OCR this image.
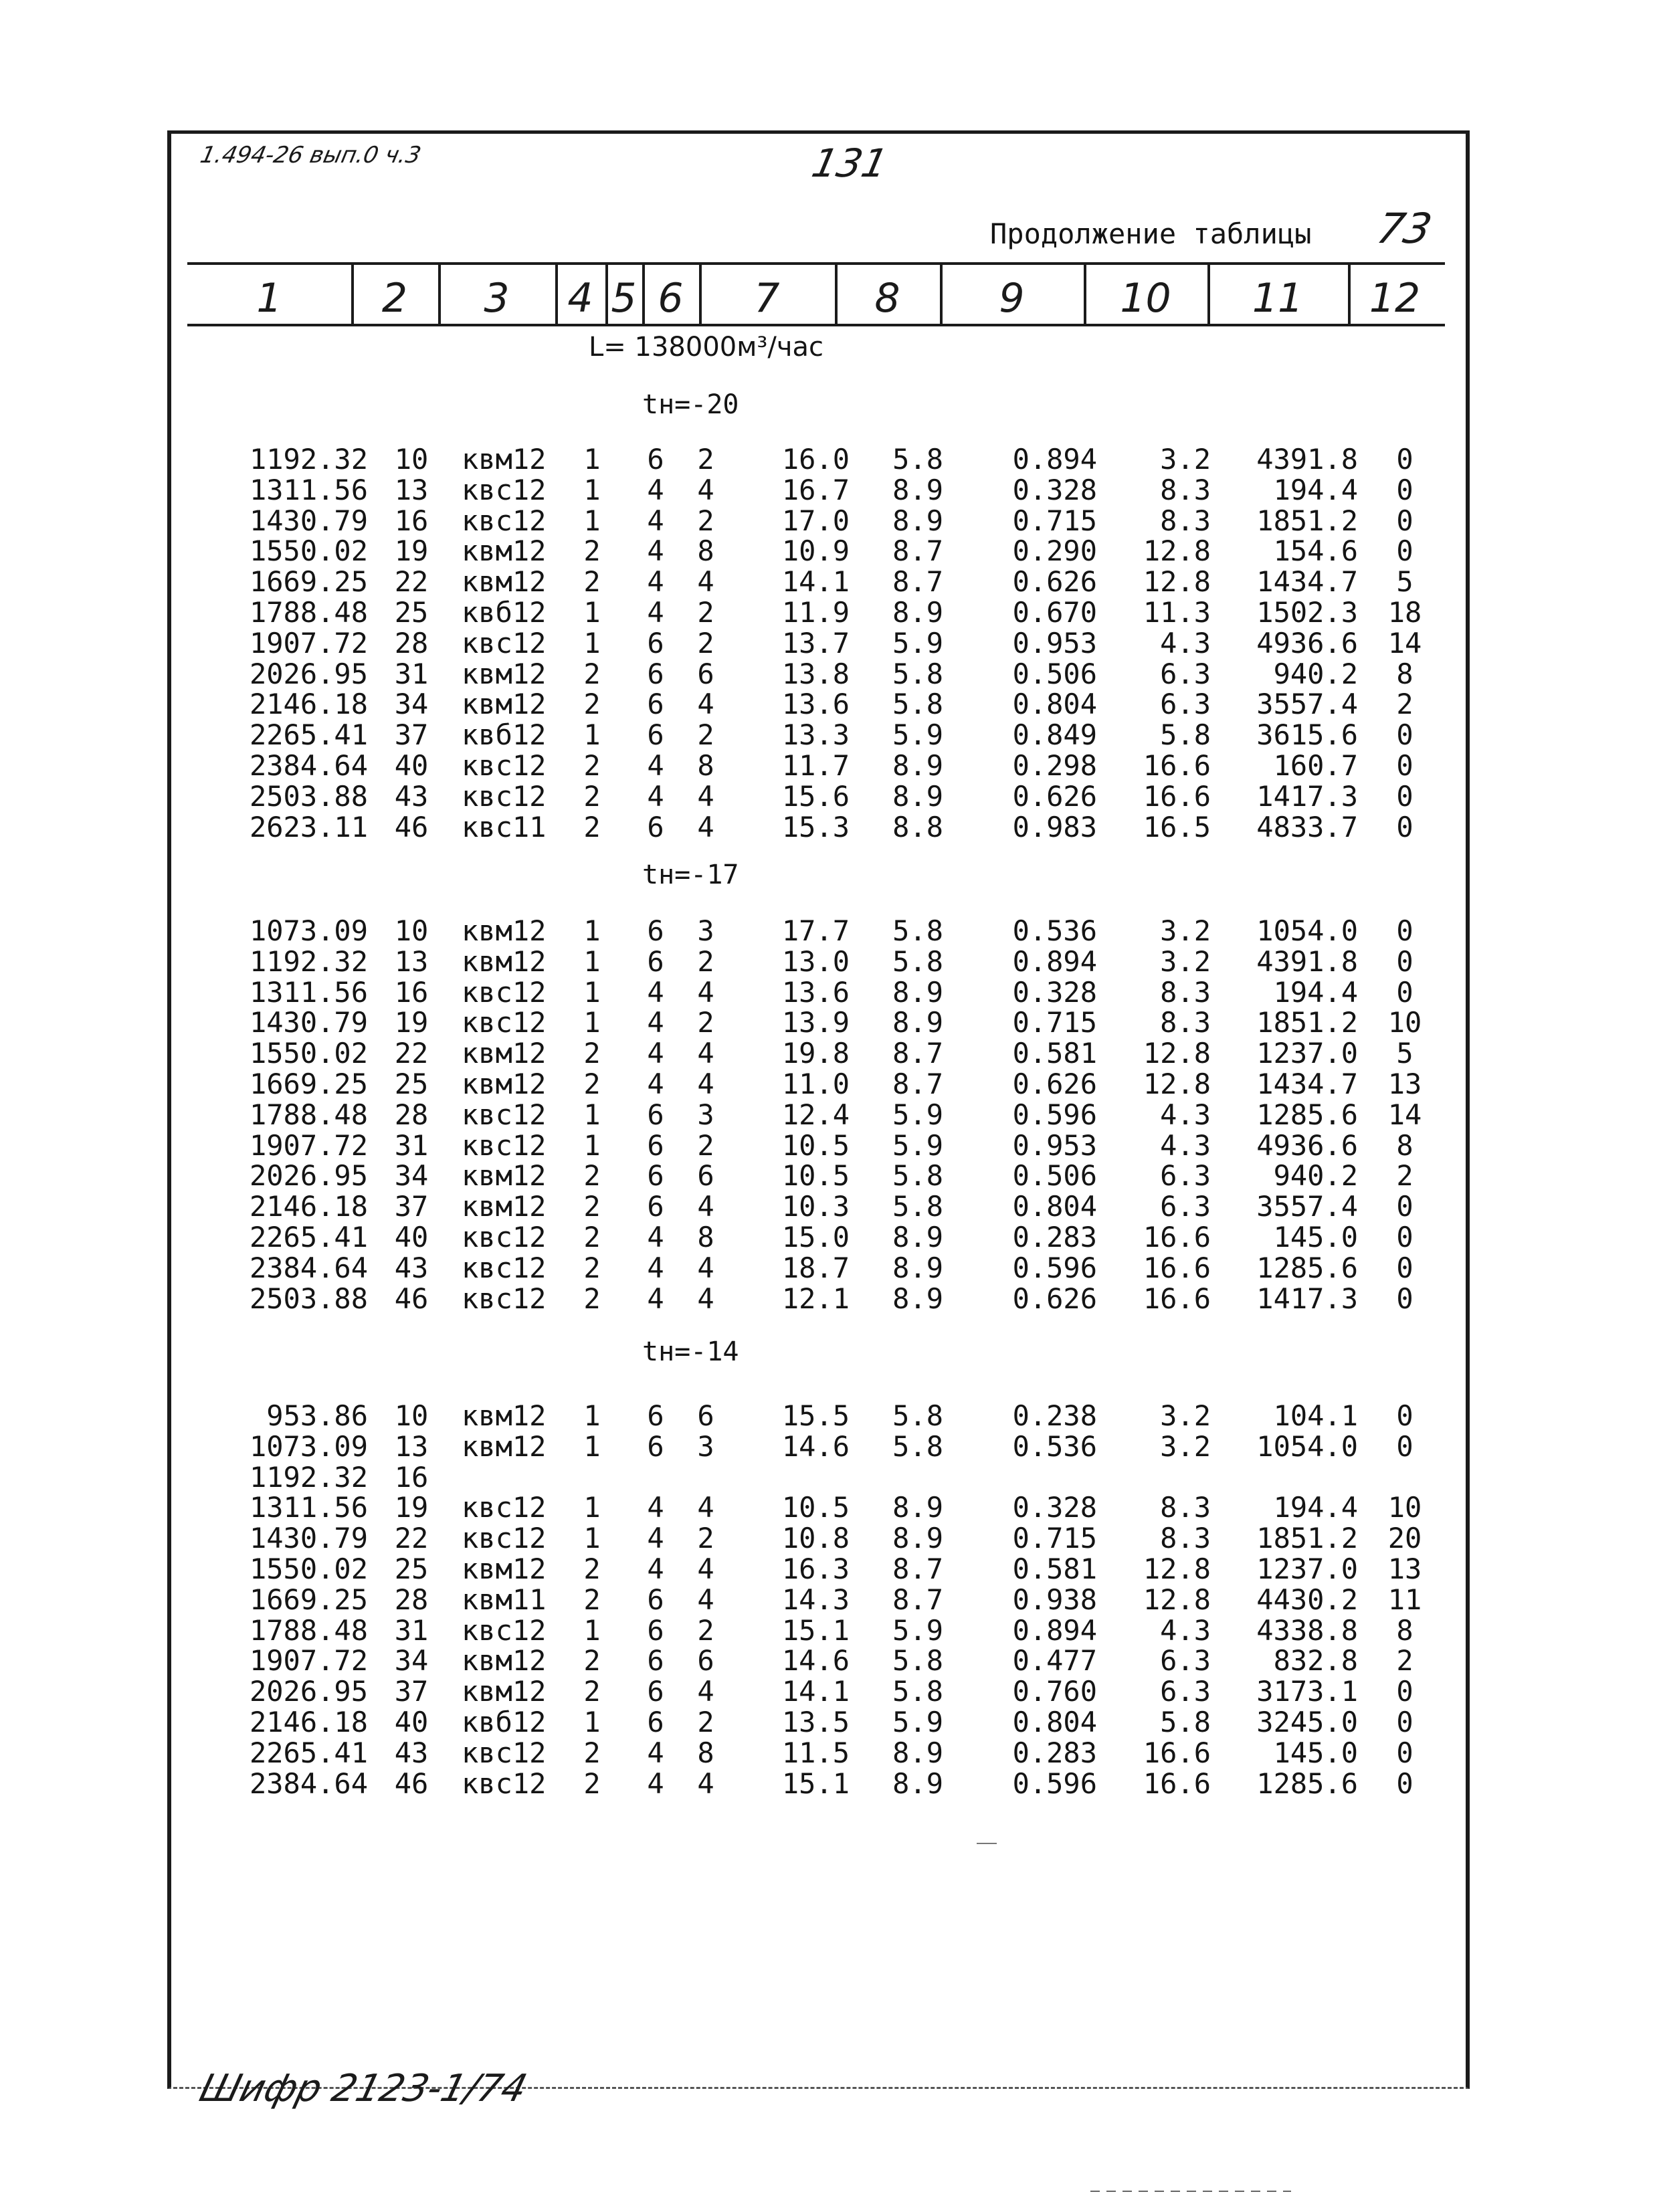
1.494-26 вып.0 ч.3	131
Продолжение таблицы 73
1	2	3	4 5 6	7	8	9	10	11	12
L= 138000м³/час
tн=-20
1192.32 10	квм12	1 6 2	16.0	5.8	0.894	3.2	4391.8	0
1311.56 13	квс12	1 4 4	16.7	8.9	0.328	8.3	194.4	0
1430.79 16	квс12	1 4 2	17.0	8.9	0.715	8.3	1851.2	0
1550.02 19	квм12	2 4 8	10.9	8.7	0.290	12.8	154.6	0
1669.25 22	квм12	2 4 4	14.1	8.7	0.626	12.8	1434.7	5
1788.48 25	квб12	1 4 2	11.9	8.9	0.670	11.3	1502.3 18
1907.72 28	квс12	1 6 2	13.7	5.9	0.953	4.3	4936.6 14
2026.95 31	квм12	2 6 6	13.8	5.8	0.506	6.3	940.2	8
2146.18 34	квм12	2 6 4	13.6	5.8	0.804	6.3	3557.4	2
2265.41 37	квб12	1 6 2	13.3	5.9	0.849	5.8	3615.6	0
2384.64 40	квс12	2 4 8	11.7	8.9	0.298	16.6	160.7	0
2503.88 43	квс12	2 4 4	15.6	8.9	0.626	16.6	1417.3	0
2623.11 46	квс11	2 6 4	15.3	8.8	0.983	16.5	4833.7	0
tн=-17
1073.09 10	квм12	1 6 3	17.7	5.8	0.536	3.2	1054.0	0
1192.32 13	квм12	1 6 2	13.0	5.8	0.894	3.2	4391.8	0
1311.56 16	квс12	1 4 4	13.6	8.9	0.328	8.3	194.4	0
1430.79 19	квс12	1 4 2	13.9	8.9	0.715	8.3	1851.2 10
1550.02 22	квм12	2 4 4	19.8	8.7	0.581	12.8	1237.0	5
1669.25 25	квм12	2 4 4	11.0	8.7	0.626	12.8	1434.7 13
1788.48 28	квс12	1 6 3	12.4	5.9	0.596	4.3	1285.6 14
1907.72 31	квс12	1 6 2	10.5	5.9	0.953	4.3	4936.6	8
2026.95 34	квм12	2 6 6	10.5	5.8	0.506	6.3	940.2	2
2146.18 37	квм12	2 6 4	10.3	5.8	0.804	6.3	3557.4	0
2265.41 40	квс12	2 4 8	15.0	8.9	0.283	16.6	145.0	0
2384.64 43	квс12	2 4 4	18.7	8.9	0.596	16.6	1285.6	0
2503.88 46	квс12	2 4 4	12.1	8.9	0.626	16.6	1417.3	0
tн=-14
953.86 10	квм12	1 6 6	15.5	5.8	0.238	3.2	104.1	0
1073.09 13	квм12	1 6 3	14.6	5.8	0.536	3.2	1054.0	0
1192.32 16
1311.56 19	квс12	1 4 4	10.5	8.9	0.328	8.3	194.4 10
1430.79 22	квс12	1 4 2	10.8	8.9	0.715	8.3	1851.2 20
1550.02 25	квм12	2 4 4	16.3	8.7	0.581	12.8	1237.0 13
1669.25 28	квм11	2 6 4	14.3	8.7	0.938	12.8	4430.2 11
1788.48 31	квс12	1 6 2	15.1	5.9	0.894	4.3	4338.8	8
1907.72 34	квм12	2 6 6	14.6	5.8	0.477	6.3	832.8	2
2026.95 37	квм12	2 6 4	14.1	5.8	0.760	6.3	3173.1	0
2146.18 40	квб12	1 6 2	13.5	5.9	0.804	5.8	3245.0	0
2265.41 43	квс12	2 4 8	11.5	8.9	0.283	16.6	145.0	0
2384.64 46	квс12	2 4 4	15.1	8.9	0.596	16.6	1285.6	0
Шифр 2123-1/74
